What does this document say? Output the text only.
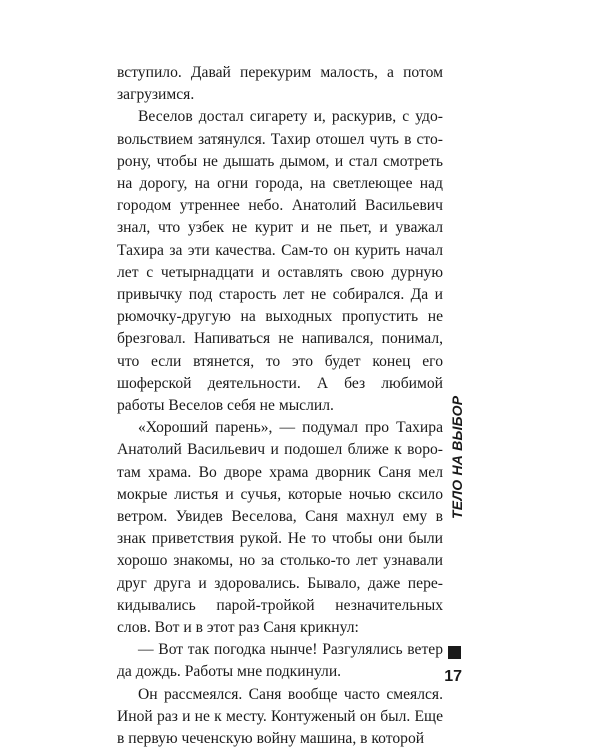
вступило. Давай перекурим малость, а потом загрузимся.

Веселов достал сигарету и, раскурив, с удовольствием затянулся. Тахир отошел чуть в сторону, чтобы не дышать дымом, и стал смотреть на дорогу, на огни города, на светлеющее над городом утреннее небо. Анатолий Васильевич знал, что узбек не курит и не пьет, и уважал Тахира за эти качества. Сам-то он курить начал лет с четырнадцати и оставлять свою дурную привычку под старость лет не собирался. Да и рюмочку-другую на выходных пропустить не брезговал. Напиваться не напивался, понимал, что если втянется, то это будет конец его шоферской деятельности. А без любимой работы Веселов себя не мыслил.

«Хороший парень», — подумал про Тахира Анатолий Васильевич и подошел ближе к воротам храма. Во дворе храма дворник Саня мел мокрые листья и сучья, которые ночью сксило ветром. Увидев Веселова, Саня махнул ему в знак приветствия рукой. Не то чтобы они были хорошо знакомы, но за столько-то лет узнавали друг друга и здоровались. Бывало, даже перекидывались парой-тройкой незначительных слов. Вот и в этот раз Саня крикнул:

— Вот так погодка нынче! Разгулялись ветер да дождь. Работы мне подкинули.

Он рассмеялся. Саня вообще часто смеялся. Иной раз и не к месту. Контуженый он был. Еще в первую чеченскую войну машина, в которой

ТЕЛО НА ВЫБОР
17
